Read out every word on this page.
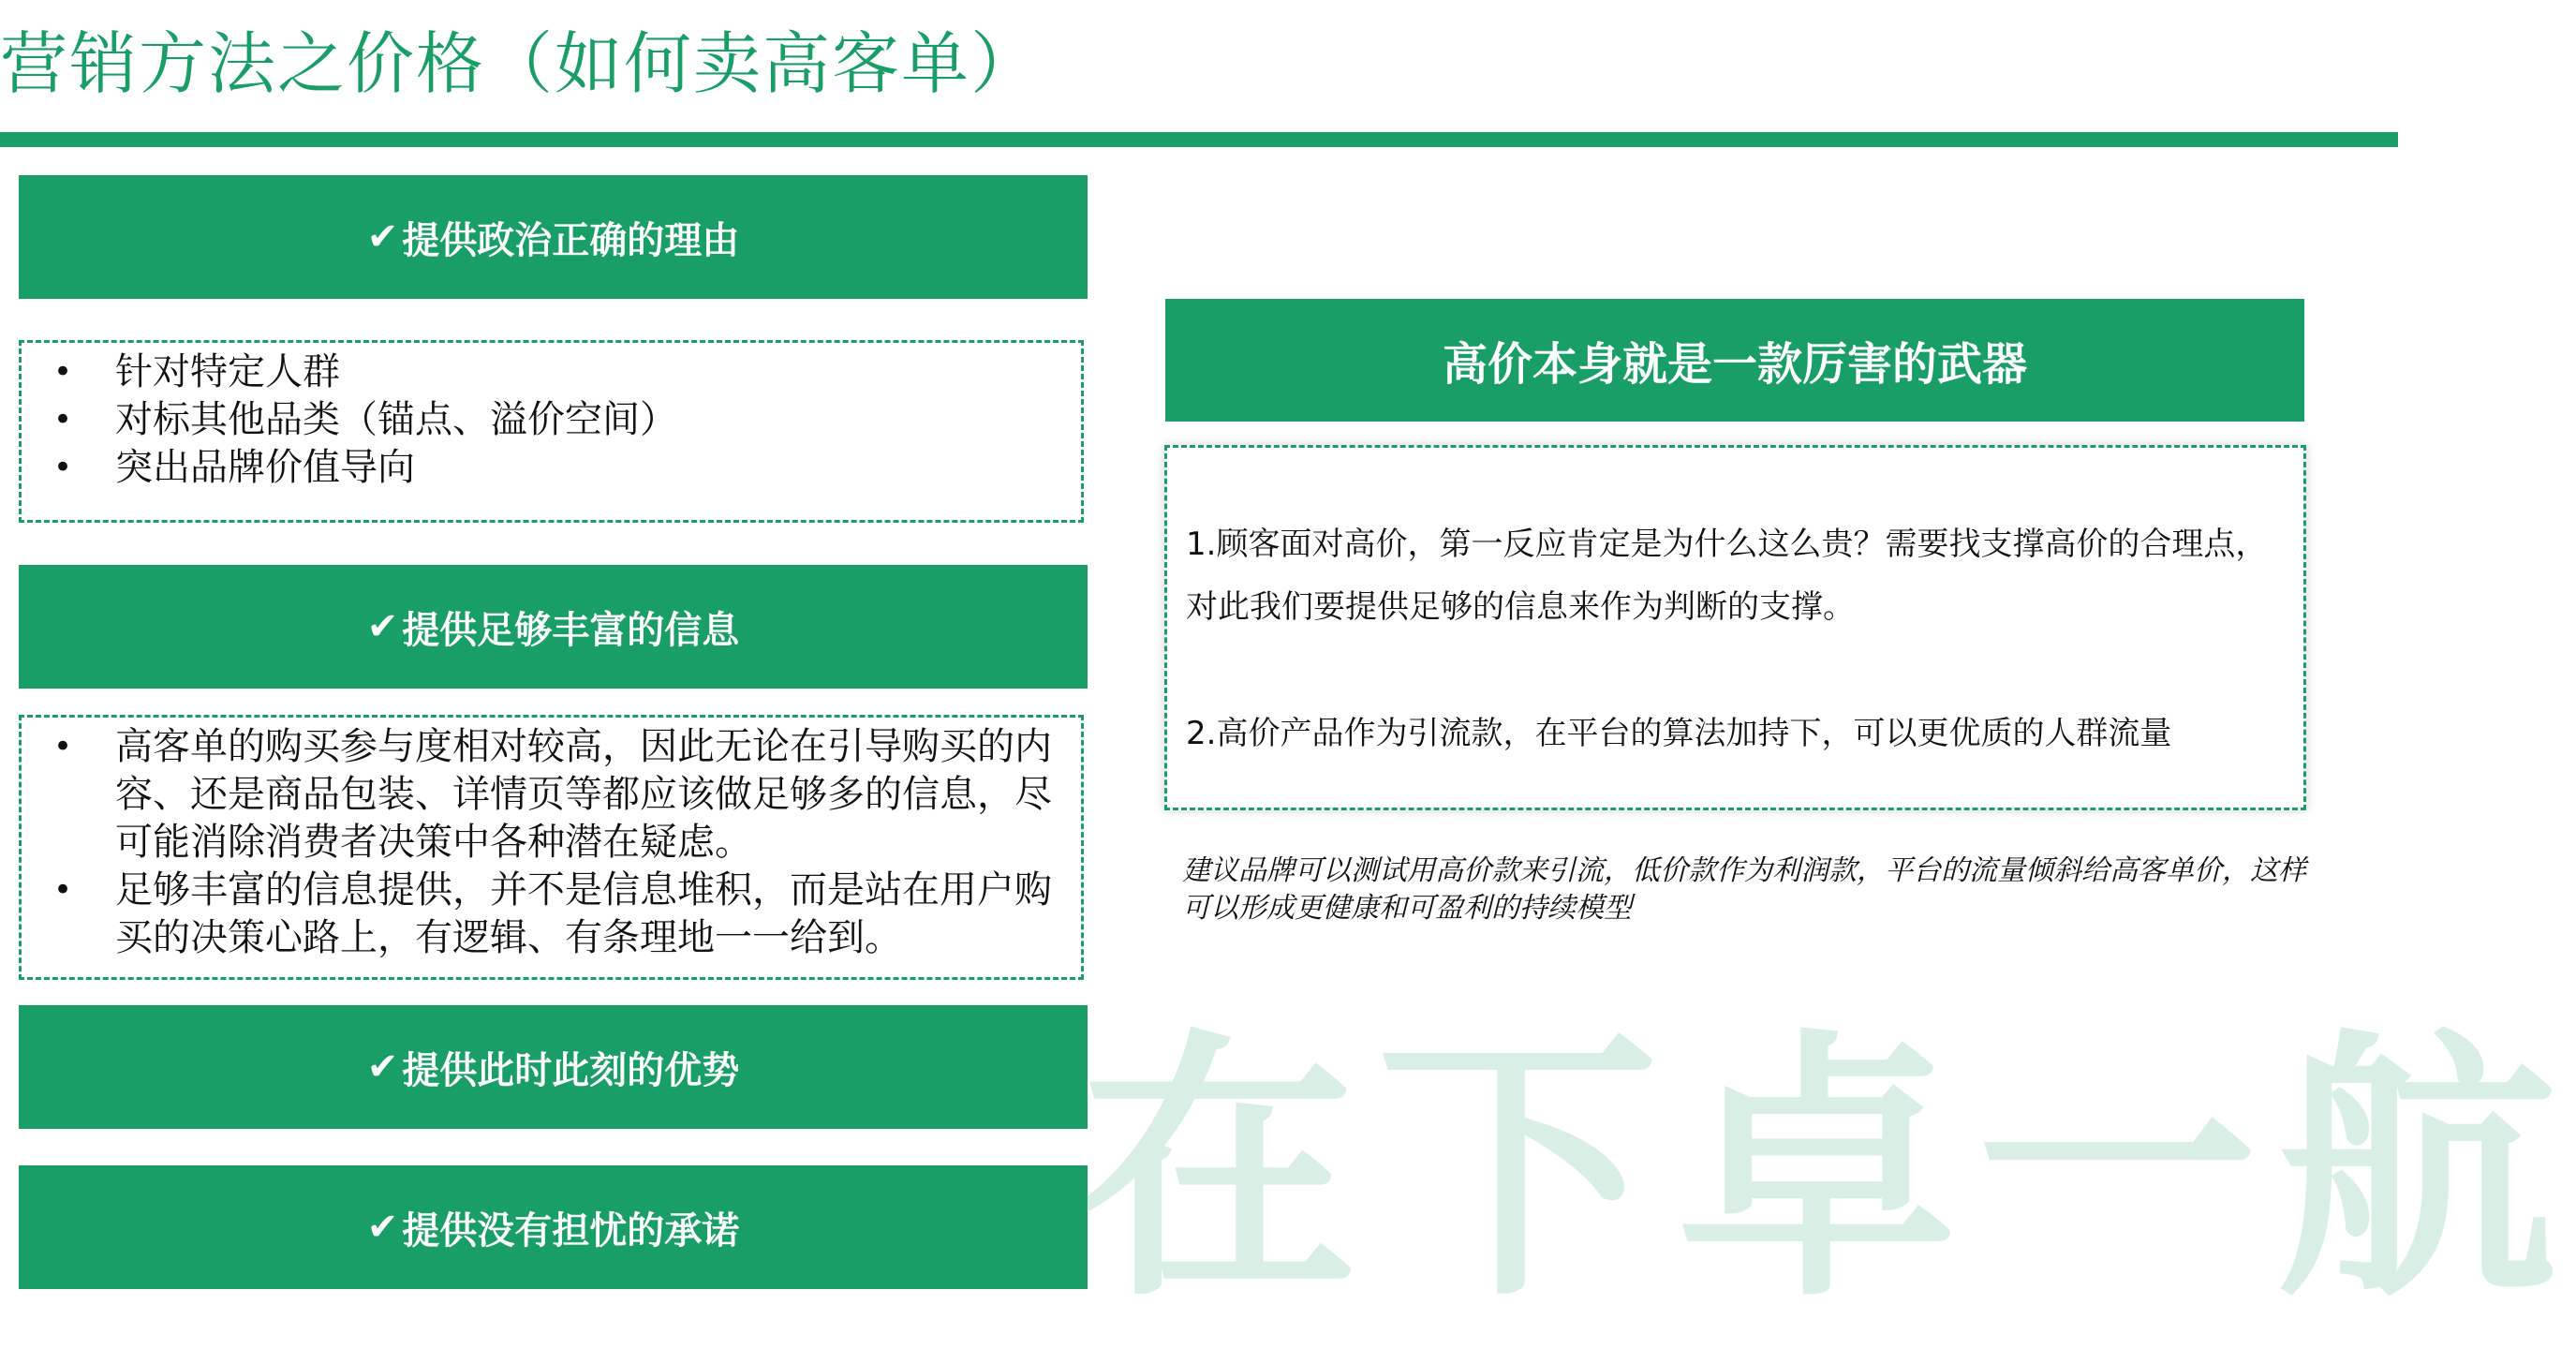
营销方法之价格（如何卖高客单）
✔ 提供政治正确的理由
• 针对特定人群
• 对标其他品类（锚点、溢价空间）
• 突出品牌价值导向
✔ 提供足够丰富的信息
• 高客单的购买参与度相对较高，因此无论在引导购买的内容、还是商品包装、详情页等都应该做足够多的信息，尽可能消除消费者决策中各种潜在疑虑。
• 足够丰富的信息提供，并不是信息堆积，而是站在用户购买的决策心路上，有逻辑、有条理地一一给到。
✔ 提供此时此刻的优势
✔ 提供没有担忧的承诺
高价本身就是一款厉害的武器

1.顾客面对高价，第一反应肯定是为什么这么贵？需要找支撑高价的合理点，对此我们要提供足够的信息来作为判断的支撑。

2.高价产品作为引流款，在平台的算法加持下，可以更优质的人群流量

建议品牌可以测试用高价款来引流，低价款作为利润款，平台的流量倾斜给高客单价，这样可以形成更健康和可盈利的持续模型
在下卓一航
